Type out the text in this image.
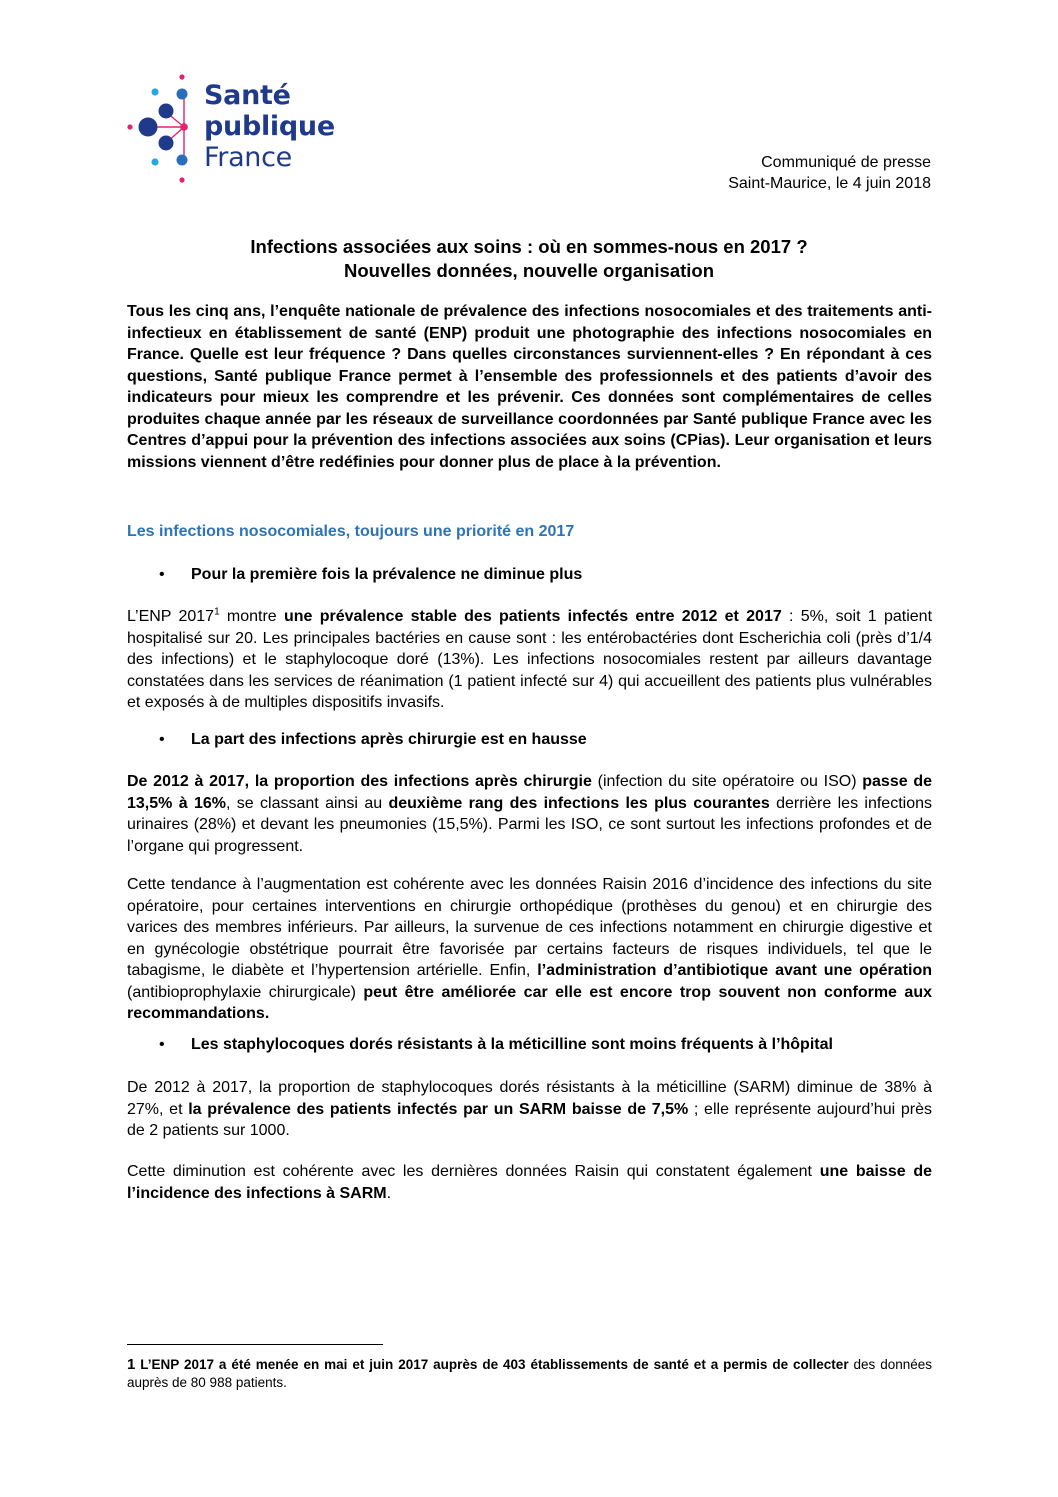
Santé
publique
France	Communiqué de presse
Saint-Maurice, le 4 juin 2018
Infections associées aux soins : où en sommes-nous en 2017 ?
Nouvelles données, nouvelle organisation
Tous les cinq ans, l’enquête nationale de prévalence des infections nosocomiales et des traitements anti-infectieux en établissement de santé (ENP) produit une photographie des infections nosocomiales en France. Quelle est leur fréquence ? Dans quelles circonstances surviennent-elles ? En répondant à ces questions, Santé publique France permet à l’ensemble des professionnels et des patients d’avoir des indicateurs pour mieux les comprendre et les prévenir. Ces données sont complémentaires de celles produites chaque année par les réseaux de surveillance coordonnées par Santé publique France avec les Centres d’appui pour la prévention des infections associées aux soins (CPias). Leur organisation et leurs missions viennent d’être redéfinies pour donner plus de place à la prévention.
Les infections nosocomiales, toujours une priorité en 2017
• Pour la première fois la prévalence ne diminue plus
L’ENP 2017$^1$ montre une prévalence stable des patients infectés entre 2012 et 2017 : 5%, soit 1 patient hospitalisé sur 20. Les principales bactéries en cause sont : les entérobactéries dont Escherichia coli (près d’1/4 des infections) et le staphylocoque doré (13%). Les infections nosocomiales restent par ailleurs davantage constatées dans les services de réanimation (1 patient infecté sur 4) qui accueillent des patients plus vulnérables et exposés à de multiples dispositifs invasifs.
• La part des infections après chirurgie est en hausse
De 2012 à 2017, la proportion des infections après chirurgie (infection du site opératoire ou ISO) passe de 13,5% à 16%, se classant ainsi au deuxième rang des infections les plus courantes derrière les infections urinaires (28%) et devant les pneumonies (15,5%). Parmi les ISO, ce sont surtout les infections profondes et de l’organe qui progressent.
Cette tendance à l’augmentation est cohérente avec les données Raisin 2016 d’incidence des infections du site opératoire, pour certaines interventions en chirurgie orthopédique (prothèses du genou) et en chirurgie des varices des membres inférieurs. Par ailleurs, la survenue de ces infections notamment en chirurgie digestive et en gynécologie obstétrique pourrait être favorisée par certains facteurs de risques individuels, tel que le tabagisme, le diabète et l’hypertension artérielle. Enfin, l’administration d’antibiotique avant une opération (antibioprophylaxie chirurgicale) peut être améliorée car elle est encore trop souvent non conforme aux recommandations.
• Les staphylocoques dorés résistants à la méticilline sont moins fréquents à l’hôpital
De 2012 à 2017, la proportion de staphylocoques dorés résistants à la méticilline (SARM) diminue de 38% à 27%, et la prévalence des patients infectés par un SARM baisse de 7,5% ; elle représente aujourd’hui près de 2 patients sur 1000.
Cette diminution est cohérente avec les dernières données Raisin qui constatent également une baisse de l’incidence des infections à SARM.
1 L’ENP 2017 a été menée en mai et juin 2017 auprès de 403 établissements de santé et a permis de collecter des données auprès de 80 988 patients.
